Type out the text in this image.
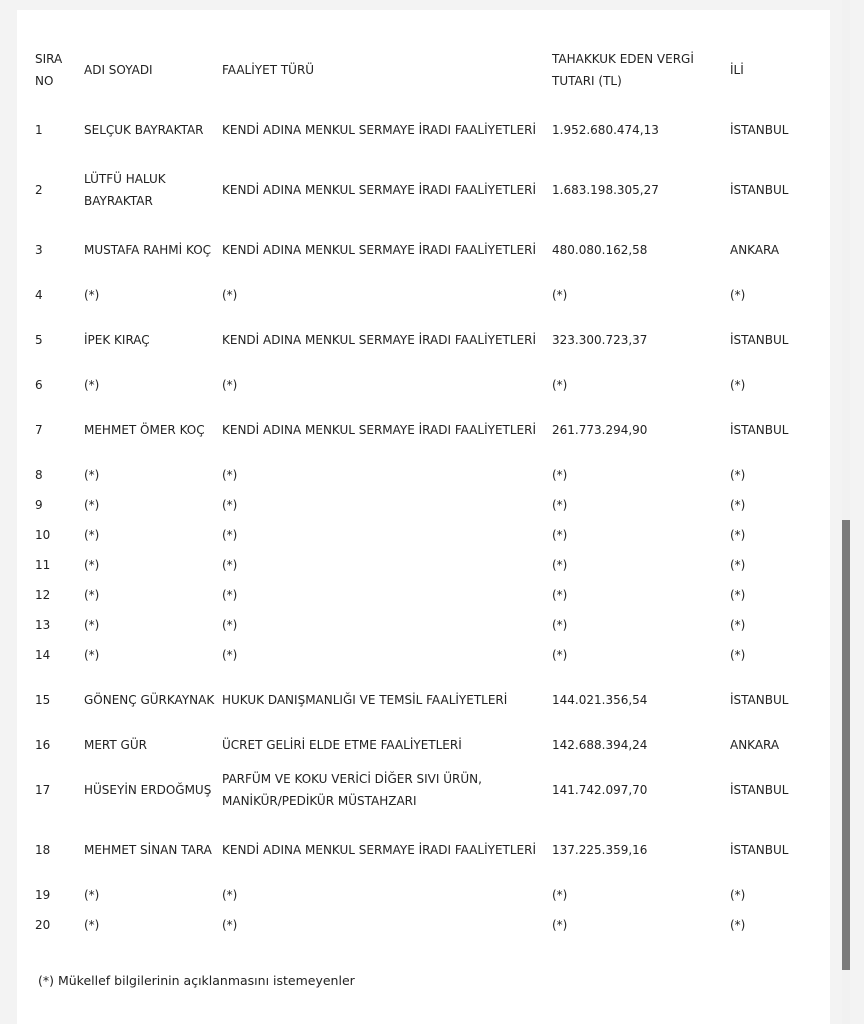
SIRA NO	ADI SOYADI	FAALİYET TÜRÜ	TAHAKKUK EDEN VERGİ TUTARI (TL)	İLİ
1	SELÇUK BAYRAKTAR	KENDİ ADINA MENKUL SERMAYE İRADI FAALİYETLERİ	1.952.680.474,13	İSTANBUL
2	LÜTFÜ HALUK BAYRAKTAR	KENDİ ADINA MENKUL SERMAYE İRADI FAALİYETLERİ	1.683.198.305,27	İSTANBUL
3	MUSTAFA RAHMİ KOÇ	KENDİ ADINA MENKUL SERMAYE İRADI FAALİYETLERİ	480.080.162,58	ANKARA
4	(*)	(*)	(*)	(*)
5	İPEK KIRAÇ	KENDİ ADINA MENKUL SERMAYE İRADI FAALİYETLERİ	323.300.723,37	İSTANBUL
6	(*)	(*)	(*)	(*)
7	MEHMET ÖMER KOÇ	KENDİ ADINA MENKUL SERMAYE İRADI FAALİYETLERİ	261.773.294,90	İSTANBUL
8	(*)	(*)	(*)	(*)
9	(*)	(*)	(*)	(*)
10	(*)	(*)	(*)	(*)
11	(*)	(*)	(*)	(*)
12	(*)	(*)	(*)	(*)
13	(*)	(*)	(*)	(*)
14	(*)	(*)	(*)	(*)
15	GÖNENÇ GÜRKAYNAK	HUKUK DANIŞMANLIĞI VE TEMSİL FAALİYETLERİ	144.021.356,54	İSTANBUL
16	MERT GÜR	ÜCRET GELİRİ ELDE ETME FAALİYETLERİ	142.688.394,24	ANKARA
17	HÜSEYİN ERDOĞMUŞ	PARFÜM VE KOKU VERİCİ DİĞER SIVI ÜRÜN, MANİKÜR/PEDİKÜR MÜSTAHZARI	141.742.097,70	İSTANBUL
18	MEHMET SİNAN TARA	KENDİ ADINA MENKUL SERMAYE İRADI FAALİYETLERİ	137.225.359,16	İSTANBUL
19	(*)	(*)	(*)	(*)
20	(*)	(*)	(*)	(*)
(*) Mükellef bilgilerinin açıklanmasını istemeyenler
